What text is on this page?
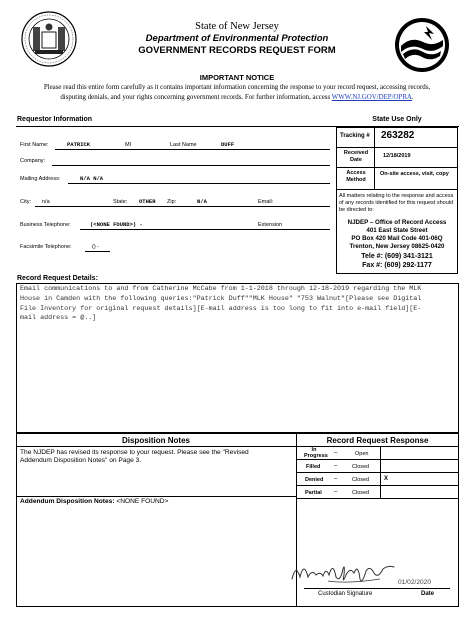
State of New Jersey
Department of Environmental Protection
GOVERNMENT RECORDS REQUEST FORM
IMPORTANT NOTICE
Please read this entire form carefully as it contains important information concerning the response to your record request, accessing records,
disputing denials, and your rights concerning government records. For further information, access WWW.NJ.GOV/DEP/OPRA.
Requestor Information	State Use Only
First Name:	PATRICK	MI	Last Name	DUFF
Company:
Mailing Address:	N/A N/A
City: n/a	State: OTHER Zip:	N/A	Email:
Business Telephone:	(<NONE FOUND>) -	Extension
Facsimile Telephone:	() -
Tracking # 263282
Received Date
12/18/2019
Access Method
On-site access, visit, copy
All matters relating to the response and access of any records identified for this request should be directed to:
NJDEP – Office of Record Access
401 East State Street
PO Box 420 Mail Code 401-06Q
Trenton, New Jersey 08625-0420
Tele #: (609) 341-3121
Fax #: (609) 292-1177
Record Request Details:
Email communications to and from Catherine McCabe from 1-1-2018 through 12-18-2019 regarding the MLK
House in Camden with the following queries:"Patrick Duff""MLK House" "753 Walnut"[Please see Digital
File Inventory for original request details][E-mail address is too long to fit into e-mail field][E-
mail address = @..]
Disposition Notes	Record Request Response
The NJDEP has revised its response to your request. Please see the "Revised Addendum Disposition Notes" on Page 3.
Addendum Disposition Notes: <NONE FOUND>
In Progress –	Open
Filled –	Closed
Denied –	Closed X
Partial –	Closed
01/02/2020
Custodian Signature	Date
